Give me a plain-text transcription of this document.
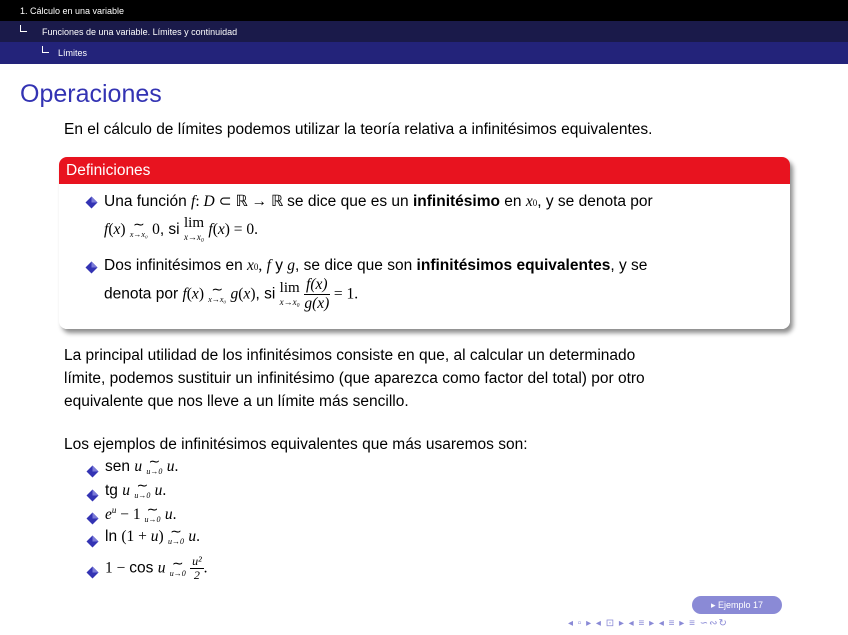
1. Cálculo en una variable
Funciones de una variable. Límites y continuidad
Límites
Operaciones
En el cálculo de límites podemos utilizar la teoría relativa a infinitésimos equivalentes.
Definiciones
Una función f: D ⊂ ℝ → ℝ se dice que es un infinitésimo en x0, y se denota por
f(x) ∼
x→x₀ 0, si lim
x→x₀ f(x) = 0.
Dos infinitésimos en x0, f y g, se dice que son infinitésimos equivalentes, y se
denota por f(x) ∼
x→x₀ g(x), si lim
x→x₀
$\frac{f(x)}{g(x)} = 1$.
La principal utilidad de los infinitésimos consiste en que, al calcular un determinado
límite, podemos sustituir un infinitésimo (que aparezca como factor del total) por otro
equivalente que nos lleve a un límite más sencillo.
Los ejemplos de infinitésimos equivalentes que más usaremos son:
sen u ∼
u→0 u.
tg u ∼
u→0 u.
$e^u - 1$ ∼
u→0 u.
ln (1 + u) ∼
u→0 u.
1 − cos u ∼
u→0
$\frac{\text{u²}}{2}$ .
▸ Ejemplo 17
◂ ▫ ▸ ◂ ⊡ ▸ ◂ ≡ ▸ ◂ ≡ ▸ ≡ ∽∾↻
